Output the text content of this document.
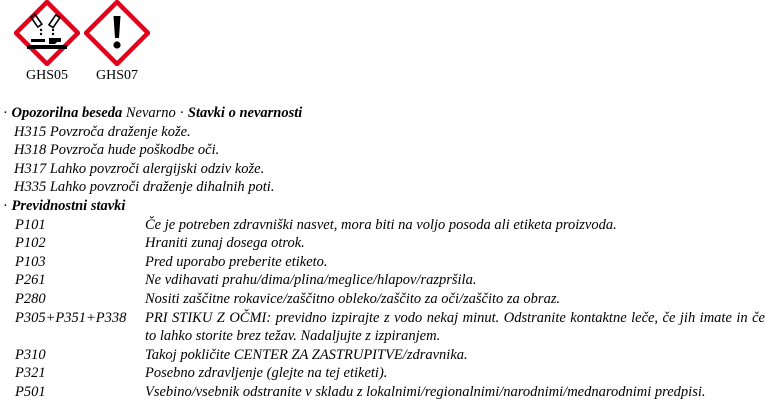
GHS05	GHS07
· Opozorilna beseda Nevarno · Stavki o nevarnosti
H315 Povzroča draženje kože.
H318 Povzroča hude poškodbe oči.
H317 Lahko povzroči alergijski odziv kože.
H335 Lahko povzroči draženje dihalnih poti.
· Previdnostni stavki
P101	Če je potreben zdravniški nasvet, mora biti na voljo posoda ali etiketa proizvoda.
P102	Hraniti zunaj dosega otrok.
P103	Pred uporabo preberite etiketo.
P261	Ne vdihavati prahu/dima/plina/meglice/hlapov/razpršila.
P280	Nositi zaščitne rokavice/zaščitno obleko/zaščito za oči/zaščito za obraz.
P305+P351+P338 PRI STIKU Z OČMI: previdno izpirajte z vodo nekaj minut. Odstranite kontaktne leče, če jih imate in če to lahko storite brez težav. Nadaljujte z izpiranjem.
P310	Takoj pokličite CENTER ZA ZASTRUPITVE/zdravnika.
P321	Posebno zdravljenje (glejte na tej etiketi).
P501	Vsebino/vsebnik odstranite v skladu z lokalnimi/regionalnimi/narodnimi/mednarodnimi predpisi.
